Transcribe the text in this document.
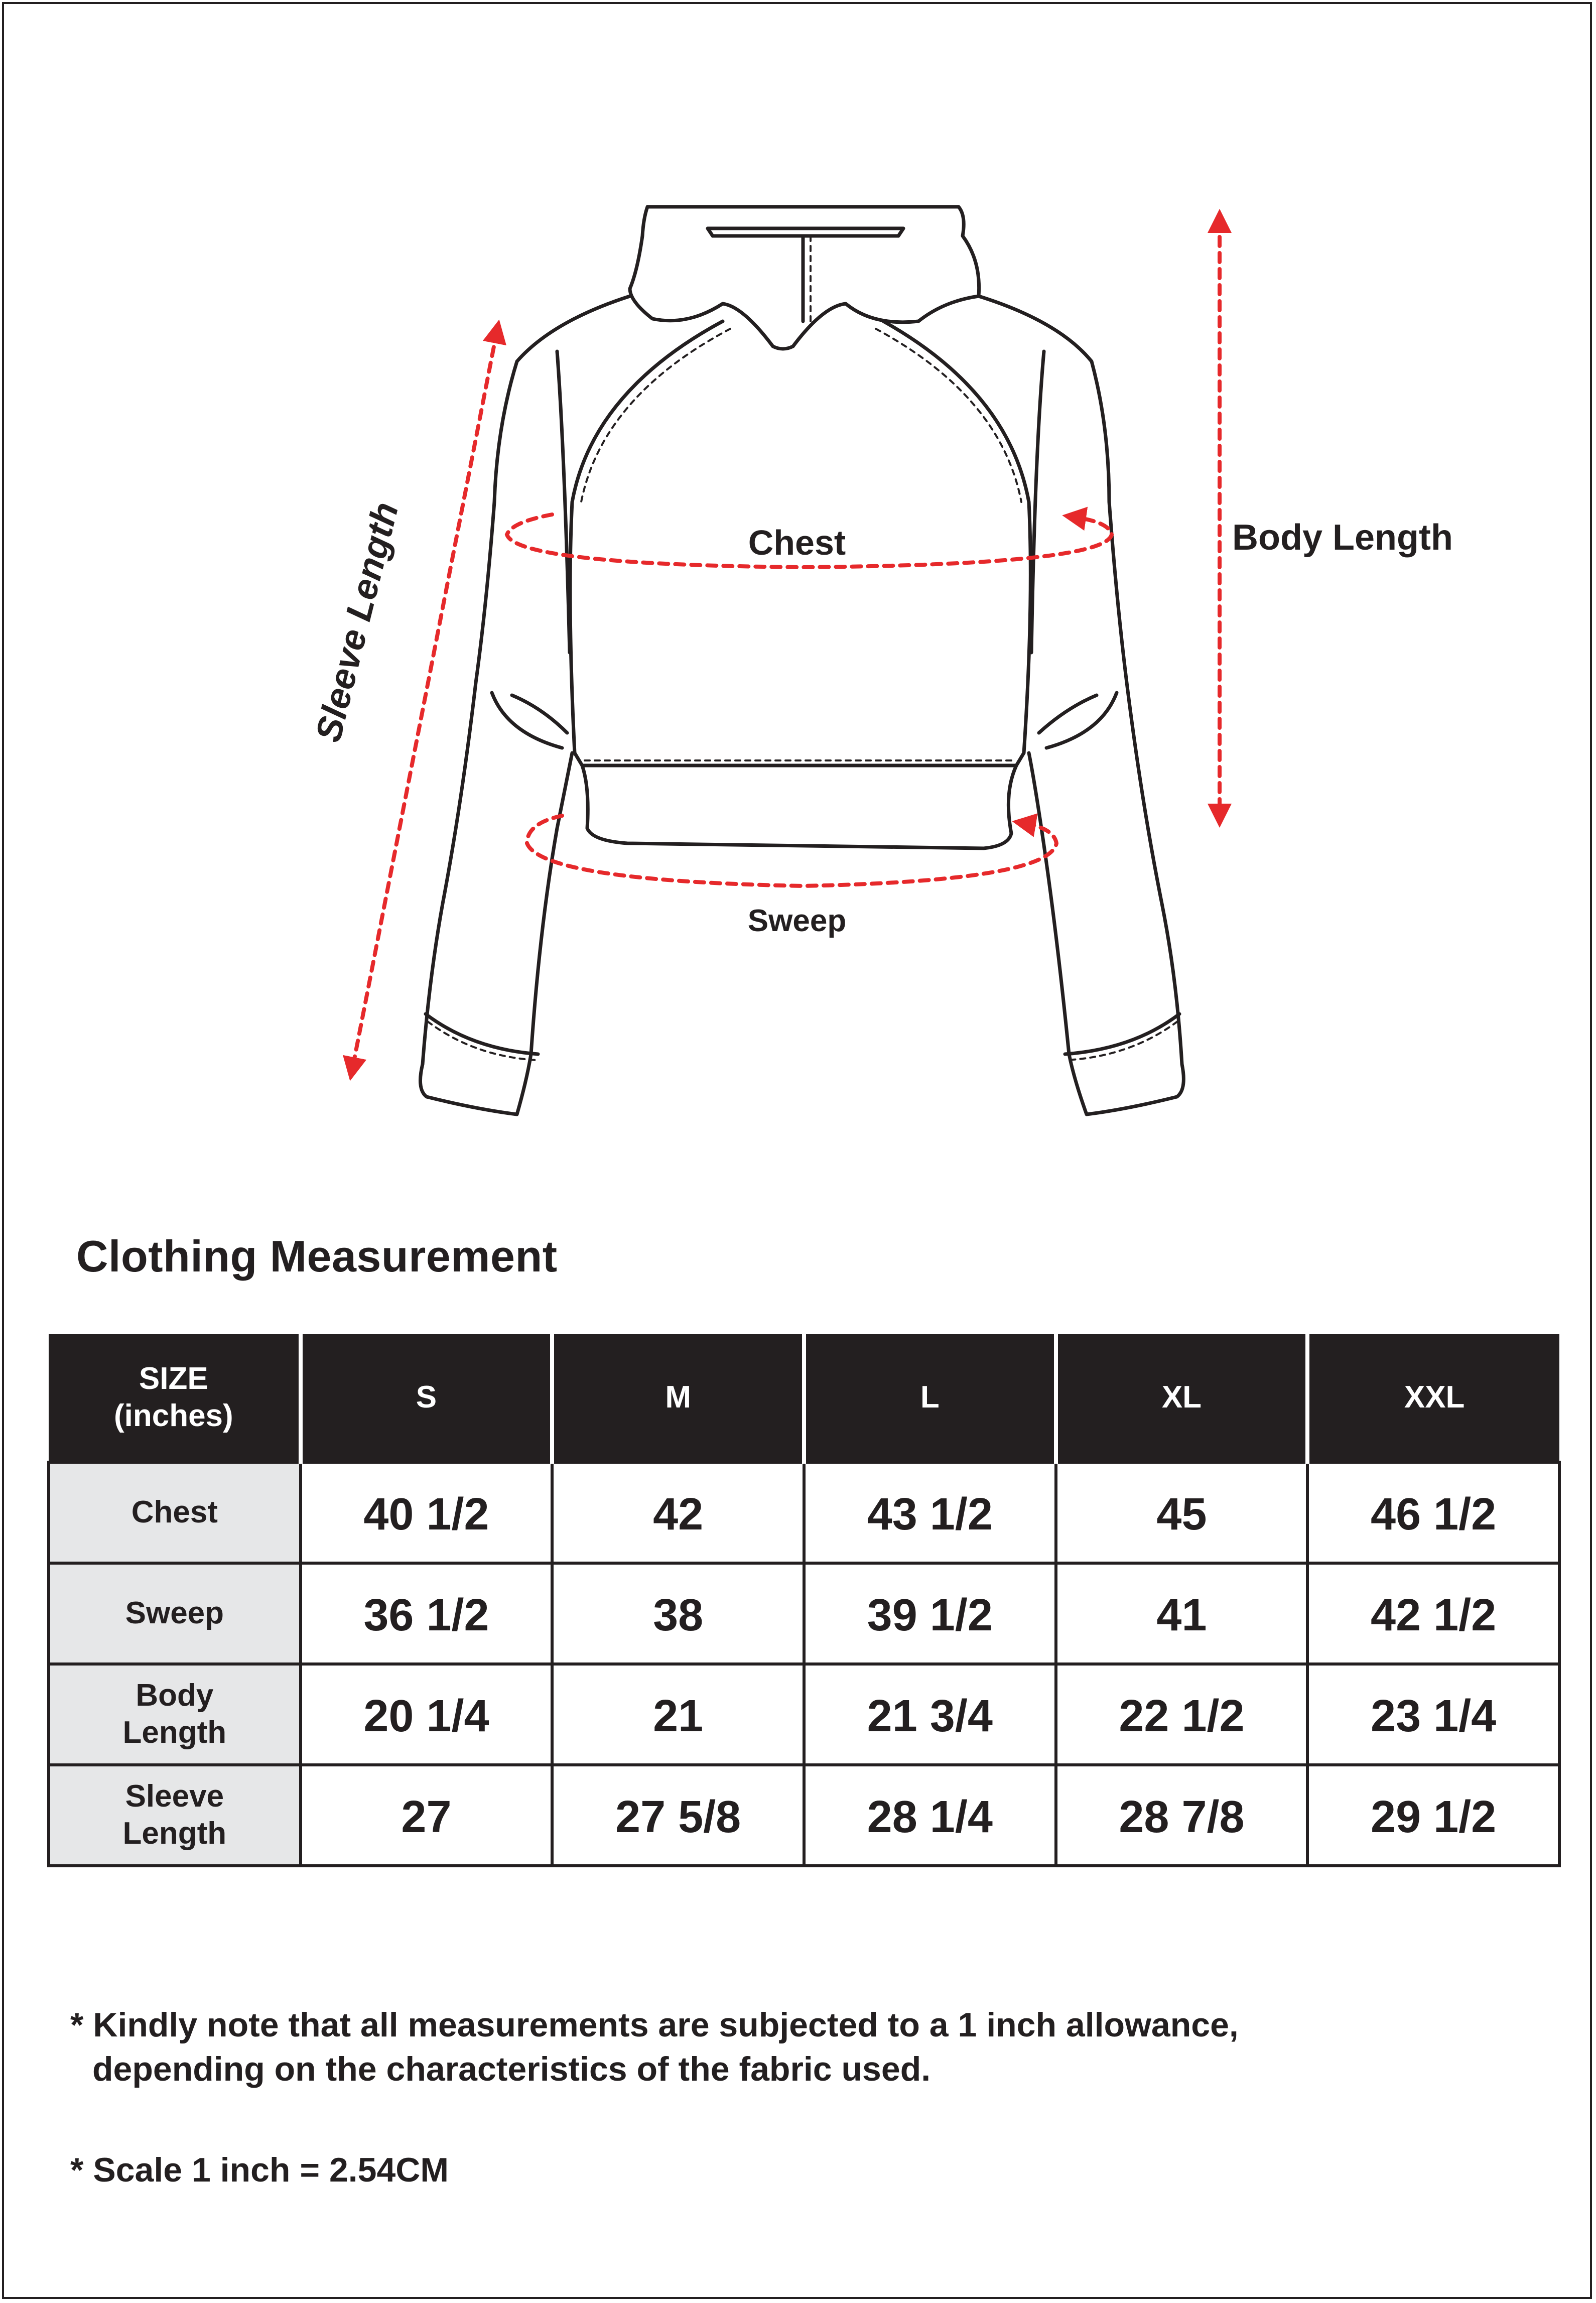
Chest
Sweep
Body Length
Sleeve Length
Clothing Measurement
SIZE
(inches)	S	M	L	XL	XXL
Chest	40 1/2	42	43 1/2	45	46 1/2
Sweep	36 1/2	38	39 1/2	41	42 1/2
Body
Length	20 1/4	21	21 3/4	22 1/2	23 1/4
Sleeve
Length	27	27 5/8	28 1/4	28 7/8	29 1/2
* Kindly note that all measurements are subjected to a 1 inch allowance,
depending on the characteristics of the fabric used.
* Scale 1 inch = 2.54CM
